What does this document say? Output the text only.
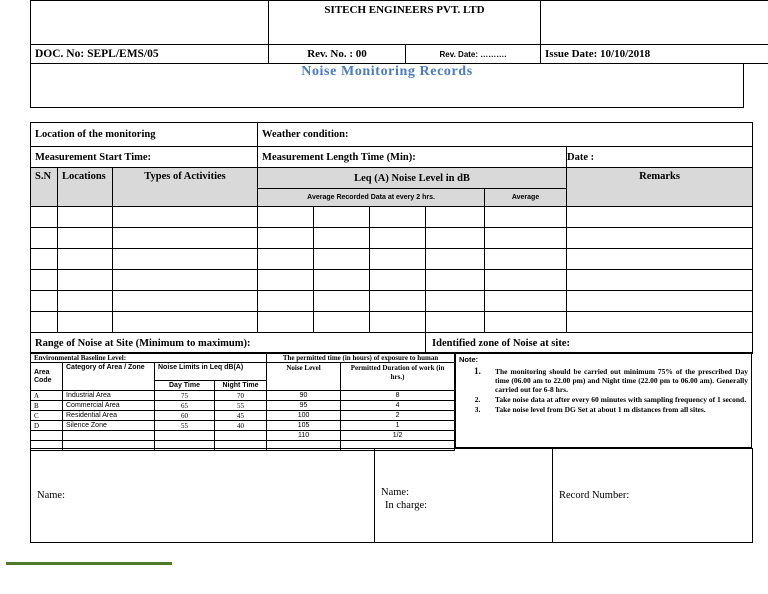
	SITECH ENGINEERS PVT. LTD		
DOC. No: SEPL/EMS/05	Rev. No. : 00	Rev. Date: ……….	Issue Date: 10/10/2018
Noise Monitoring Records
Location of the monitoring			Weather condition:					
Measurement Start Time:			Measurement Length Time (Min):					Date :
S.N	Locations	Types of Activities	Leq (A) Noise Level in dB					Remarks
			Average Recorded Data at every 2 hrs.				Average	

Range of Noise at Site (Minimum to maximum):						Identified zone of Noise at site:		
Environmental Baseline Level:				The permitted time (in hours) of exposure to human	
Area Code	Category of Area / Zone	Noise Limits in Leq dB(A)		Noise Level	Permitted Duration of work (in hrs.)
		Day Time	Night Time		
A	Industrial Area	75	70	90	8
B	Commercial Area	65	55	95	4
C	Residential Area	60	45	100	2
D	Silence Zone	55	40	105	1
				110	1/2

Note:
1.	The monitoring should be carried out minimum 75% of the prescribed Day time (06.00 am to 22.00 pm) and Night time (22.00 pm to 06.00 am). Generally carried out for 6-8 hrs.
2.	Take noise data at after every 60 minutes with sampling frequency of 1 second.
3.	Take noise level from DG Set at about 1 m distances from all sites.
Name:	Name:
In charge:
	Record Number:
